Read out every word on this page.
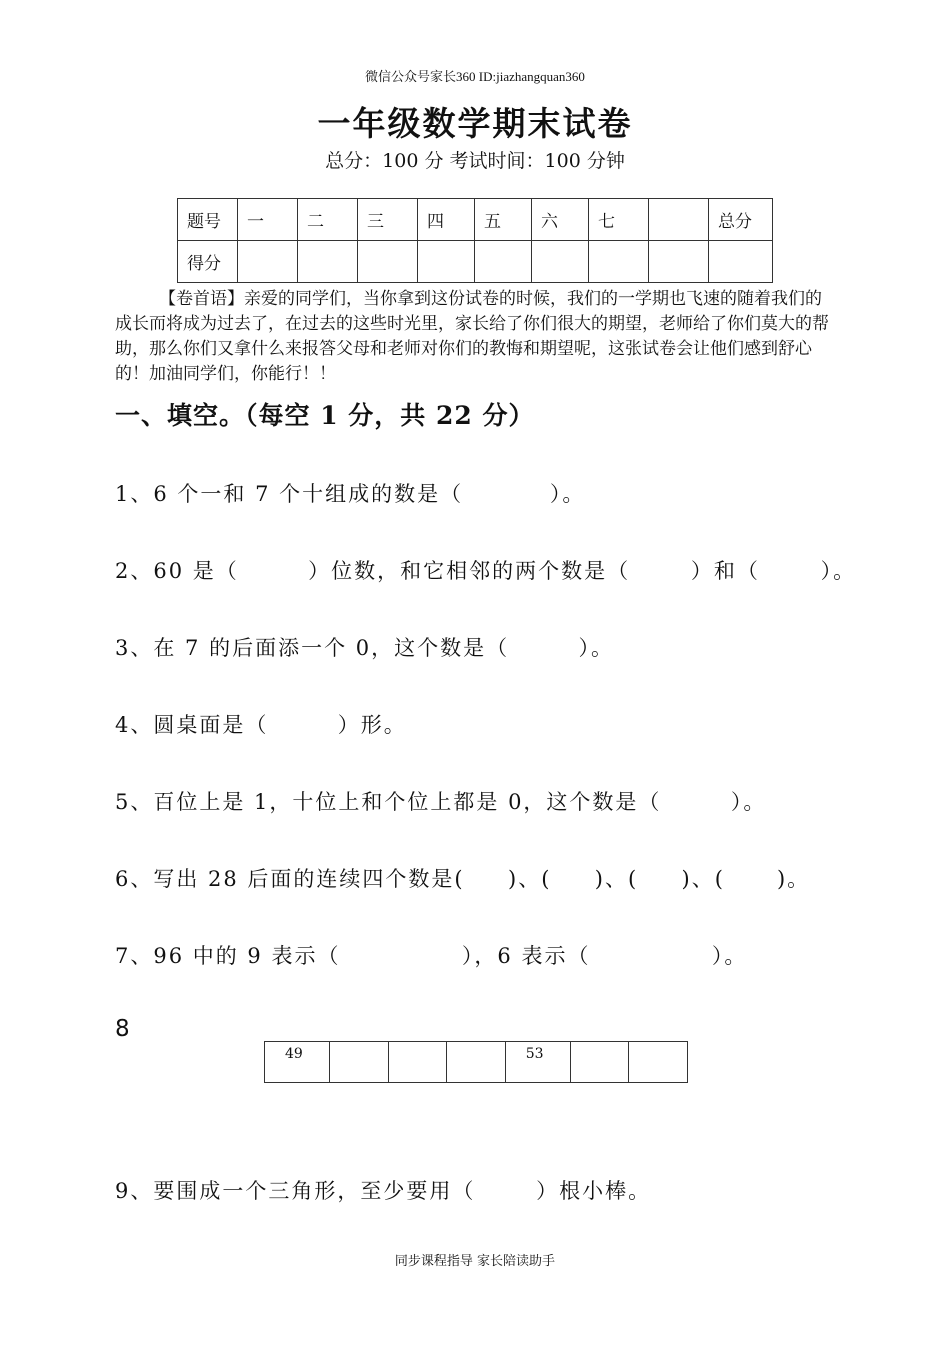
微信公众号家长360 ID:jiazhangquan360
一年级数学期末试卷
总分：100 分 考试时间：100 分钟
题号	一	二	三	四	五	六	七		总分
得分									

【卷首语】亲爱的同学们，当你拿到这份试卷的时候，我们的一学期也飞速的随着我们的成长而将成为过去了，在过去的这些时光里，家长给了你们很大的期望，老师给了你们莫大的帮助，那么你们又拿什么来报答父母和老师对你们的教悔和期望呢，这张试卷会让他们感到舒心的！加油同学们，你能行！！

一、填空。（每空 1 分，共 22 分）
1、6 个一和 7 个十组成的数是（          ）。
2、60 是（        ）位数，和它相邻的两个数是（       ）和（       ）。
3、在 7 的后面添一个 0，这个数是（        ）。
4、圆桌面是（        ）形。
5、百位上是 1，十位上和个位上都是 0，这个数是（        ）。
6、写出 28 后面的连续四个数是(     )、(     )、(     )、(      )。
7、96 中的 9 表示（              ），6 表示（              ）。
8
49				53		
9、要围成一个三角形，至少要用（       ）根小棒。
同步课程指导 家长陪读助手
